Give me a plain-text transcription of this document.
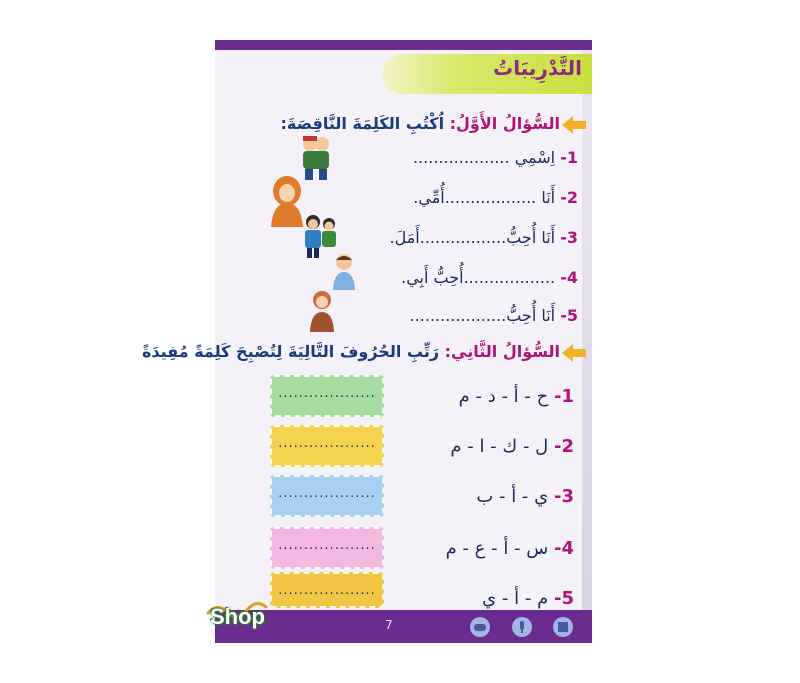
التَّدْرِيبَاتُ
السُّؤالُ الأَوَّلُ: اُكْتُبِ الكَلِمَةَ النَّاقِصَةَ:
1- اِسْمِي ...................
2- أَنَا ..................أُمِّي.
3- أَنَا أُحِبُّ.................أَمَلَ.
4- ..................أُحِبُّ أَبِي.
5- أَنَا أُحِبُّ...................
السُّؤالُ الثَّانِي: رَتِّبِ الحُرُوفَ التَّالِيَةَ لِتُصْبِحَ كَلِمَةً مُفِيدَةً
1- ح - أ - د - م
...................
2- ل - ك - ا - م
...................
3- ي - أ - ب
...................
4- س - أ - ع - م
...................
5- م - أ - ي
...................
7
Shop
